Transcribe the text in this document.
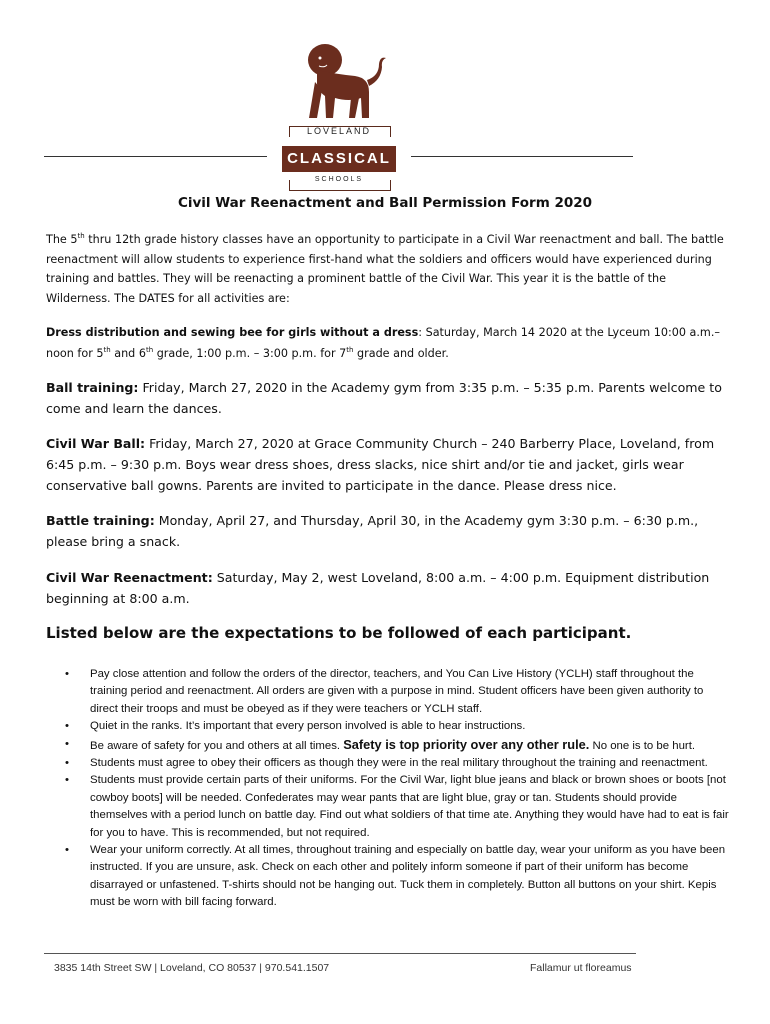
LOVELAND
CLASSICAL
SCHOOLS
Civil War Reenactment and Ball Permission Form 2020
The 5th thru 12th grade history classes have an opportunity to participate in a Civil War reenactment and ball. The battle reenactment will allow students to experience first-hand what the soldiers and officers would have experienced during training and battles. They will be reenacting a prominent battle of the Civil War. This year it is the battle of the Wilderness. The DATES for all activities are:
Dress distribution and sewing bee for girls without a dress: Saturday, March 14 2020 at the Lyceum 10:00 a.m.– noon for 5th and 6th grade, 1:00 p.m. – 3:00 p.m. for 7th grade and older.
Ball training: Friday, March 27, 2020 in the Academy gym from 3:35 p.m. – 5:35 p.m. Parents welcome to come and learn the dances.
Civil War Ball: Friday, March 27, 2020 at Grace Community Church – 240 Barberry Place, Loveland, from 6:45 p.m. – 9:30 p.m. Boys wear dress shoes, dress slacks, nice shirt and/or tie and jacket, girls wear conservative ball gowns. Parents are invited to participate in the dance. Please dress nice.
Battle training: Monday, April 27, and Thursday, April 30, in the Academy gym 3:30 p.m. – 6:30 p.m., please bring a snack.
Civil War Reenactment: Saturday, May 2, west Loveland, 8:00 a.m. – 4:00 p.m. Equipment distribution beginning at 8:00 a.m.
Listed below are the expectations to be followed of each participant.
• Pay close attention and follow the orders of the director, teachers, and You Can Live History (YCLH) staff throughout the training period and reenactment. All orders are given with a purpose in mind. Student officers have been given authority to direct their troops and must be obeyed as if they were teachers or YCLH staff.
• Quiet in the ranks. It’s important that every person involved is able to hear instructions.
• Be aware of safety for you and others at all times. Safety is top priority over any other rule. No one is to be hurt.
• Students must agree to obey their officers as though they were in the real military throughout the training and reenactment.
• Students must provide certain parts of their uniforms. For the Civil War, light blue jeans and black or brown shoes or boots [not cowboy boots] will be needed. Confederates may wear pants that are light blue, gray or tan. Students should provide themselves with a period lunch on battle day. Find out what soldiers of that time ate. Anything they would have had to eat is fair for you to have. This is recommended, but not required.
• Wear your uniform correctly. At all times, throughout training and especially on battle day, wear your uniform as you have been instructed. If you are unsure, ask. Check on each other and politely inform someone if part of their uniform has become disarrayed or unfastened. T-shirts should not be hanging out. Tuck them in completely. Button all buttons on your shirt. Kepis must be worn with bill facing forward.
3835 14th Street SW | Loveland, CO 80537 | 970.541.1507	Fallamur ut floreamus
